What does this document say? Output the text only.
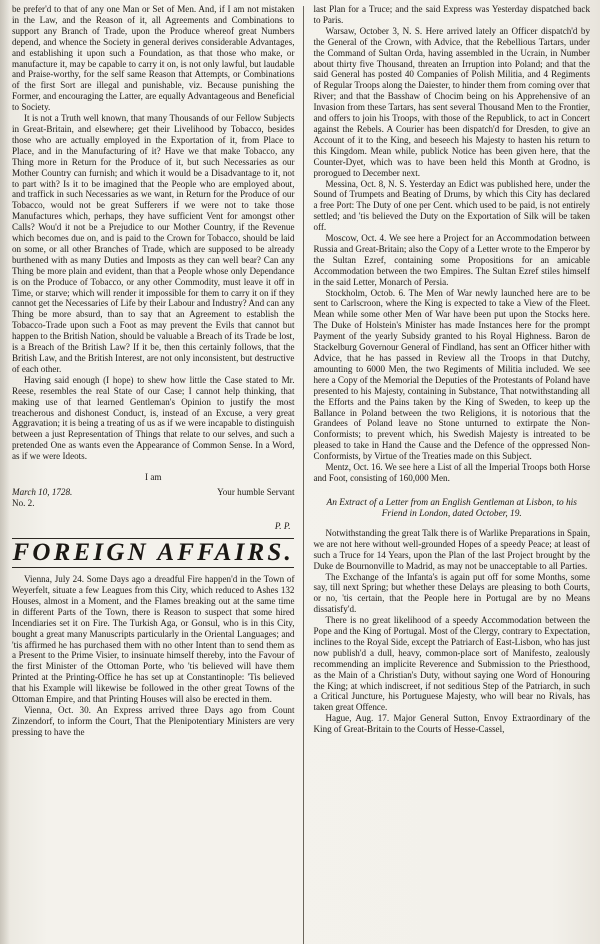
be prefer'd to that of any one Man or Set of Men. And, if I am not mistaken in the Law, and the Reason of it, all Agreements and Combinations to support any Branch of Trade, upon the Produce whereof great Numbers depend, and whence the Society in general derives considerable Advantages, and establishing it upon such a Foundation, as that those who make, or manufacture it, may be capable to carry it on, is not only lawful, but laudable and Praise-worthy, for the self same Reason that Attempts, or Combinations of the first Sort are illegal and punishable, viz. Because punishing the Former, and encouraging the Latter, are equally Advantageous and Beneficial to Society.

It is not a Truth well known, that many Thousands of our Fellow Subjects in Great-Britain, and elsewhere; get their Livelihood by Tobacco, besides those who are actually employed in the Exportation of it, from Place to Place, and in the Manufacturing of it? Have we that make Tobacco, any Thing more in Return for the Produce of it, but such Necessaries as our Mother Country can furnish; and which it would be a Disadvantage to it, not to part with? Is it to be imagined that the People who are employed about, and traffick in such Necessaries as we want, in Return for the Produce of our Tobacco, would not be great Sufferers if we were not to take those Manufactures which, perhaps, they have sufficient Vent for amongst other Calls? Wou'd it not be a Prejudice to our Mother Country, if the Revenue which becomes due on, and is paid to the Crown for Tobacco, should be laid on some, or all other Branches of Trade, which are supposed to be already burthened with as many Duties and Imposts as they can well bear? Can any Thing be more plain and evident, than that a People whose only Dependance is on the Produce of Tobacco, or any other Commodity, must leave it off in Time, or starve; which will render it impossible for them to carry it on if they cannot get the Necessaries of Life by their Labour and Industry? And can any Thing be more absurd, than to say that an Agreement to establish the Tobacco-Trade upon such a Foot as may prevent the Evils that cannot but happen to the British Nation, should be valuable a Breach of its Trade be lost, is a Breach of the British Law? If it be, then this certainly follows, that the British Law, and the British Interest, are not only inconsistent, but destructive of each other.

Having said enough (I hope) to shew how little the Case stated to Mr. Reese, resembles the real State of our Case; I cannot help thinking, that making use of that learned Gentleman's Opinion to justify the most treacherous and dishonest Conduct, is, instead of an Excuse, a very great Aggravation; it is being a treating of us as if we were incapable to distinguish between a just Representation of Things that relate to our selves, and such a pretended One as wants even the Appearance of Common Sense. In a Word, as if we were Ideots.

I am
March 10, 1728.	Your humble Servant
No. 2.
P. P.
FOREIGN AFFAIRS.

Vienna, July 24. Some Days ago a dreadful Fire happen'd in the Town of Weyerfelt, situate a few Leagues from this City, which reduced to Ashes 132 Houses, almost in a Moment, and the Flames breaking out at the same time in different Parts of the Town, there is Reason to suspect that some hired Incendiaries set it on Fire. The Turkish Aga, or Gonsul, who is in this City, bought a great many Manuscripts particularly in the Oriental Languages; and 'tis affirmed he has purchased them with no other Intent than to send them as a Present to the Prime Visier, to insinuate himself thereby, into the Favour of the first Minister of the Ottoman Porte, who 'tis believed will have them Printed at the Printing-Office he has set up at Constantinople: 'Tis believed that his Example will likewise be followed in the other great Towns of the Ottoman Empire, and that Printing Houses will also be erected in them.

Vienna, Oct. 30. An Express arrived three Days ago from Count Zinzendorf, to inform the Court, That the Plenipotentiary Ministers are very pressing to have the

last Plan for a Truce; and the said Express was Yesterday dispatched back to Paris.

Warsaw, October 3, N. S. Here arrived lately an Officer dispatch'd by the General of the Crown, with Advice, that the Rebellious Tartars, under the Command of Sultan Orda, having assembled in the Ucrain, in Number about thirty five Thousand, threaten an Irruption into Poland; and that the said General has posted 40 Companies of Polish Militia, and 4 Regiments of Regular Troops along the Daiester, to hinder them from coming over that River; and that the Basshaw of Chocim being on his Apprehensive of an Invasion from these Tartars, has sent several Thousand Men to the Frontier, and offers to join his Troops, with those of the Republick, to act in Concert against the Rebels. A Courier has been dispatch'd for Dresden, to give an Account of it to the King, and beseech his Majesty to hasten his return to this Kingdom. Mean while, publick Notice has been given here, that the Counter-Dyet, which was to have been held this Month at Grodno, is prorogued to December next.

Messina, Oct. 8, N. S. Yesterday an Edict was published here, under the Sound of Trumpets and Beating of Drums, by which this City has declared a free Port: The Duty of one per Cent. which used to be paid, is not entirely settled; and 'tis believed the Duty on the Exportation of Silk will be taken off.

Moscow, Oct. 4. We see here a Project for an Accommodation between Russia and Great-Britain; also the Copy of a Letter wrote to the Emperor by the Sultan Ezref, containing some Propositions for an amicable Accommodation between the two Empires. The Sultan Ezref stiles himself in the said Letter, Monarch of Persia.

Stockholm, Octob. 6. The Men of War newly launched here are to be sent to Carlscroon, where the King is expected to take a View of the Fleet. Mean while some other Men of War have been put upon the Stocks here. The Duke of Holstein's Minister has made Instances here for the prompt Payment of the yearly Subsidy granted to his Royal Highness. Baron de Stackelburg Governour General of Findland, has sent an Officer hither with Advice, that he has passed in Review all the Troops in that Dutchy, amounting to 6000 Men, the two Regiments of Militia included. We see here a Copy of the Memorial the Deputies of the Protestants of Poland have presented to his Majesty, containing in Substance, That notwithstanding all the Efforts and the Pains taken by the King of Sweden, to keep up the Ballance in Poland between the two Religions, it is notorious that the Grandees of Poland leave no Stone unturned to extirpate the Non-Conformists; to prevent which, his Swedish Majesty is intreated to be pleased to take in Hand the Cause and the Defence of the oppressed Non-Conformists, by Virtue of the Treaties made on this Subject.

Mentz, Oct. 16. We see here a List of all the Imperial Troops both Horse and Foot, consisting of 160,000 Men.

An Extract of a Letter from an English Gentleman at Lisbon, to his Friend in London, dated October, 19.

Notwithstanding the great Talk there is of Warlike Preparations in Spain, we are not here without well-grounded Hopes of a speedy Peace; at least of such a Truce for 14 Years, upon the Plan of the last Project brought by the Duke de Bournonville to Madrid, as may not be unacceptable to all Parties.

The Exchange of the Infanta's is again put off for some Months, some say, till next Spring; but whether these Delays are pleasing to both Courts, or no, 'tis certain, that the People here in Portugal are by no Means dissatisfy'd.

There is no great likelihood of a speedy Accommodation between the Pope and the King of Portugal. Most of the Clergy, contrary to Expectation, inclines to the Royal Side, except the Patriarch of East-Lisbon, who has just now publish'd a dull, heavy, common-place sort of Manifesto, zealously recommending an implicite Reverence and Submission to the Priesthood, as the Main of a Christian's Duty, without saying one Word of Honouring the King; at which indiscreet, if not seditious Step of the Patriarch, in such a Critical Juncture, his Portuguese Majesty, who will bear no Rivals, has taken great Offence.

Hague, Aug. 17. Major General Sutton, Envoy Extraordinary of the King of Great-Britain to the Courts of Hesse-Cassel,
